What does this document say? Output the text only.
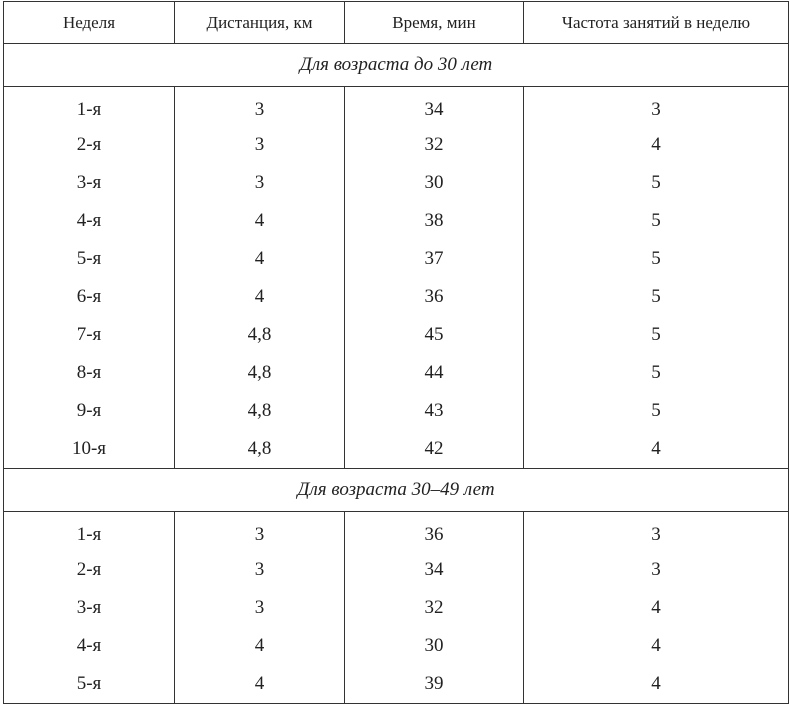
Неделя	Дистанция, км	Время, мин	Частота занятий в неделю
Для возраста до 30 лет			
1-я	3	34	3
2-я	3	32	4
3-я	3	30	5
4-я	4	38	5
5-я	4	37	5
6-я	4	36	5
7-я	4,8	45	5
8-я	4,8	44	5
9-я	4,8	43	5
10-я	4,8	42	4
Для возраста 30–49 лет			
1-я	3	36	3
2-я	3	34	3
3-я	3	32	4
4-я	4	30	4
5-я	4	39	4
